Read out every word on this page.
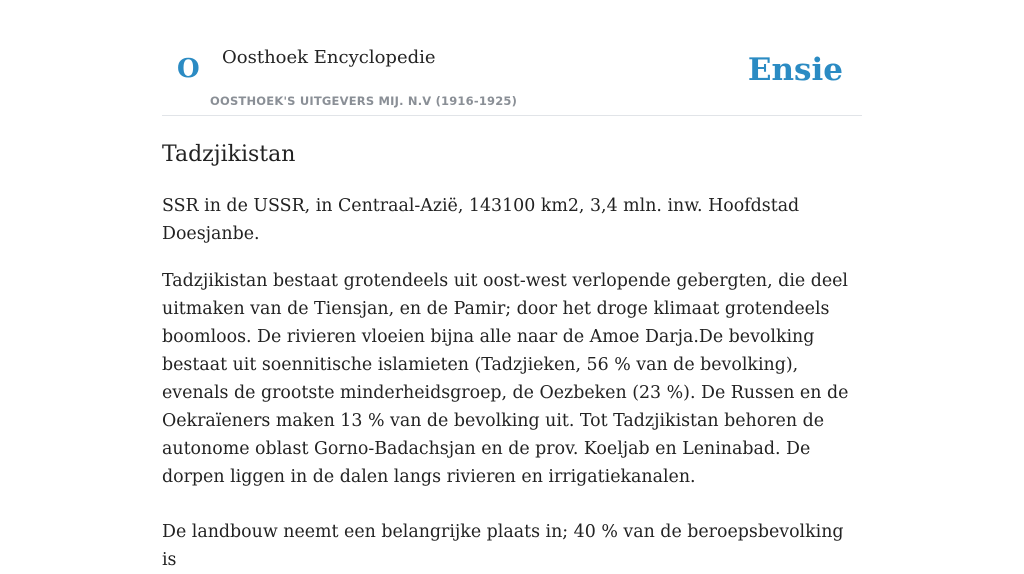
O Oosthoek Encyclopedie
OOSTHOEK'S UITGEVERS MIJ. N.V (1916-1925)
Ensie
Tadzjikistan

SSR in de USSR, in Centraal-Azië, 143100 km2, 3,4 mln. inw. Hoofdstad Doesjanbe.

Tadzjikistan bestaat grotendeels uit oost-west verlopende gebergten, die deel uitmaken van de Tiensjan, en de Pamir; door het droge klimaat grotendeels boomloos. De rivieren vloeien bijna alle naar de Amoe Darja.De bevolking bestaat uit soennitische islamieten (Tadzjieken, 56 % van de bevolking), evenals de grootste minderheidsgroep, de Oezbeken (23 %). De Russen en de Oekraïeners maken 13 % van de bevolking uit. Tot Tadzjikistan behoren de autonome oblast Gorno-Badachsjan en de prov. Koeljab en Leninabad. De dorpen liggen in de dalen langs rivieren en irrigatiekanalen.

De landbouw neemt een belangrijke plaats in; 40 % van de beroepsbevolking is
